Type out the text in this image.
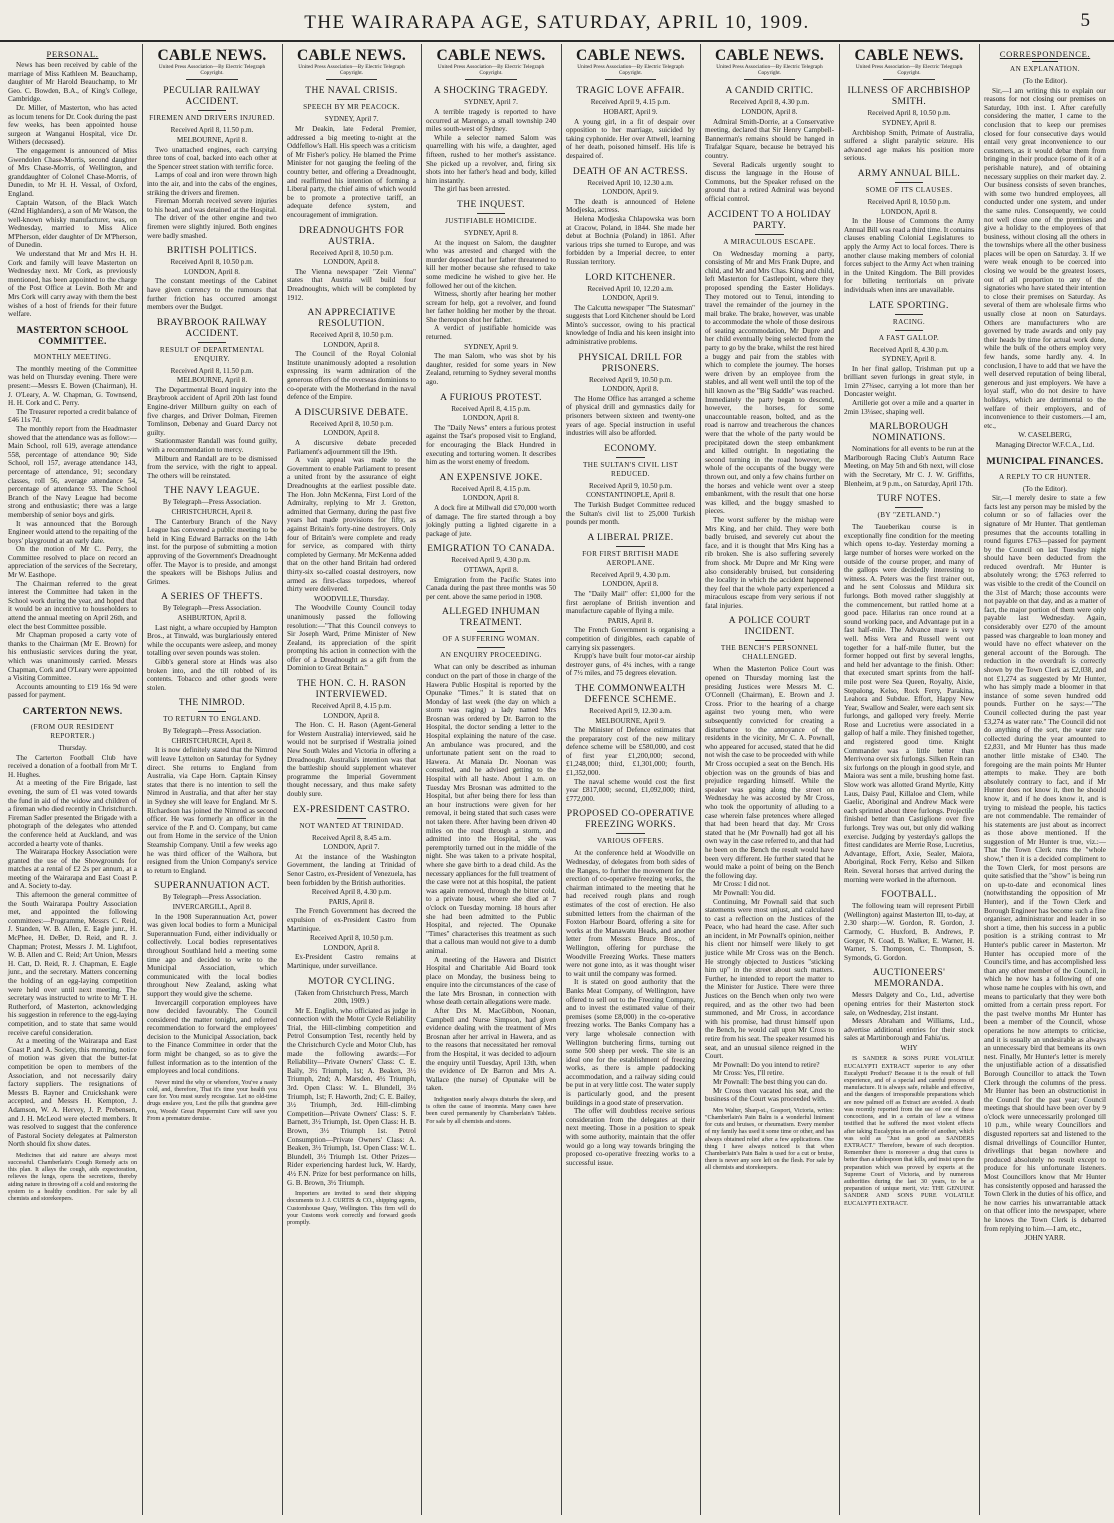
THE WAIRARAPA AGE, SATURDAY, APRIL 10, 1909.	5
PERSONAL.

News has been received by cable of the marriage of Miss Kathleen M. Beauchamp, daughter of Mr Harold Beauchamp, to Mr Geo. C. Bowden, B.A., of King's College, Cambridge.

Dr. Miller, of Masterton, who has acted as locum tenens for Dr. Cook during the past few weeks, has been appointed house surgeon at Wanganui Hospital, vice Dr. Withers (deceased).

The engagement is announced of Miss Gwendolen Chase-Morris, second daughter of Mrs Chase-Morris, of Wellington, and granddaughter of Colonel Chase-Morris, of Dunedin, to Mr H. H. Vessal, of Oxford, England.

Captain Watson, of the Black Watch (42nd Highlanders), a son of Mr Watson, the well-known whisky manufacturer, was, on Wednesday, married to Miss Alice M'Pherson, elder daughter of Dr M'Pherson, of Dunedin.

We understand that Mr and Mrs H. H. Cork and family will leave Masterton on Wednesday next. Mr Cork, as previously mentioned, has been appointed to the charge of the Post Office at Levin. Both Mr and Mrs Cork will carry away with them the best wishes of a host of friends for their future welfare.

MASTERTON SCHOOL COMMITTEE.
MONTHLY MEETING.

The monthly meeting of the Committee was held on Thursday evening. There were present:—Messrs E. Bowen (Chairman), H. J. O'Leary, A. W. Chapman, G. Townsend, H. H. Cork and C. Perry.

The Treasurer reported a credit balance of £46 11s 7d.

The monthly report from the Headmaster showed that the attendance was as follow:—Main School, roll 619, average attendance 558, percentage of attendance 90; Side School, roll 157, average attendance 143, percentage of attendance, 91; secondary classes, roll 56, average attendance 54, percentage of attendance 93. The School Branch of the Navy League had become strong and enthusiastic; there was a large membership of senior boys and girls.

It was announced that the Borough Engineer would attend to the repaiting of the boys' playground at an early date.

On the motion of Mr C. Perry, the Committee resolved to place on record an appreciation of the services of the Secretary, Mr W. Easthope.

The Chairman referred to the great interest the Committee had taken in the School work during the year, and hoped that it would be an incentive to householders to attend the annual meeting on April 26th, and elect the best Committee possible.

Mr Chapman proposed a carty vote of thanks to the Chairman (Mr E. Brown) for his enthusiastic services during the year, which was unanimously carried. Messrs Chapman, Cork and O'Leary were appointed a Visiting Committee.

Accounts amounting to £19 16s 9d were passed for payment.

CARTERTON NEWS.
(FROM OUR RESIDENT REPORTER.)
Thursday.

The Carterton Football Club have received a donation of a football from Mr T. H. Hughes.

At a meeting of the Fire Brigade, last evening, the sum of £1 was voted towards the fund in aid of the widow and children of a fireman who died recently in Christchurch. Fireman Sadler presented the Brigade with a photograph of the delegates who attended the conference held at Auckland, and was accorded a hearty vote of thanks.

The Wairarapa Hockey Association were granted the use of the Showgrounds for matches at a rental of £2 2s per annum, at a meeting of the Wairarapa and East Coast P. and A. Society to-day.

This afternoon the general committee of the South Wairarapa Poultry Association met, and appointed the following committees:—Programme, Messrs C. Reid, J. Standen, W. B. Allen, E. Eagle junr., H. McPhee, H. DeBer, D. Reid, and R. J. Chapman; Protest, Messrs J. M. Lightfoot, W. B. Allen and C. Reid; Art Union, Messrs H. Catt, D. Reid, R. J. Chapman, E. Eagle junr., and the secretary. Matters concerning the holding of an egg-laying competition were held over until next meeting. The secretary was instructed to write to Mr T. H. Rutherford, of Masterton, acknowledging his suggestion in reference to the egg-laying competition, and to state that same would receive careful consideration.

At a meeting of the Wairarapa and East Coast P. and A. Society, this morning, notice of motion was given that the butter-fat competition be open to members of the Association, and not necessarily dairy factory suppliers. The resignations of Messrs B. Rayner and Cruickshank were accepted, and Messrs H. Kempton, J. Adamson, W. A. Hervey, J. P. Prebensen, and J. H. McLeod were elected members. It was resolved to suggest that the conference of Pastoral Society delegates at Palmerston North should fix show dates.

Medicines that aid nature are always most successful. Chamberlain's Cough Remedy acts on this plan. It allays the cough, aids expectoration, relieves the lungs, opens the secretions, thereby aiding nature in throwing off a cold and restoring the system to a healthy condition. For sale by all chemists and storekeepers.

CABLE NEWS.
United Press Association—By Electric Telegraph Copyright.
PECULIAR RAILWAY ACCIDENT.
FIREMEN AND DRIVERS INJURED.
Received April 8, 11.50 p.m.
MELBOURNE, April 8.

Two unattached engines, each carrying three tons of coal, backed into each other at the Spencer street station with terrific force.

Lamps of coal and iron were thrown high into the air, and into the cabs of the engines, striking the drivers and firemen.

Fireman Morrah received severe injuries to his head, and was detained at the Hospital.

The driver of the other engine and two firemen were slightly injured. Both engines were badly smashed.

BRITISH POLITICS.
Received April 8, 10.50 p.m.
LONDON, April 8.

The constant meetings of the Cabinet have given currency to the rumours that further friction has occurred amongst members over the Budget.

BRAYBROOK RAILWAY ACCIDENT.
RESULT OF DEPARTMENTAL ENQUIRY.
Received April 8, 11.50 p.m.
MELBOURNE, April 8.

The Departmental Board inquiry into the Braybrook accident of April 20th last found Engine-driver Millburn guilty on each of five charges, and Driver Dolman, Firemen Tomlinson, Debenay and Guard Darcy not guilty.

Stationmaster Randall was found guilty, with a recommendation to mercy.

Milburn and Randall are to be dismissed from the service, with the right to appeal. The others will be reinstated.

THE NAVY LEAGUE.
By Telegraph—Press Association.
CHRISTCHURCH, April 8.

The Canterbury Branch of the Navy League has convened a public meeting to be held in King Edward Barracks on the 14th inst. for the purpose of submitting a motion approving of the Government's Dreadnought offer. The Mayor is to preside, and amongst the speakers will be Bishops Julius and Grimes.

A SERIES OF THEFTS.
By Telegraph—Press Association.
ASHBURTON, April 8.

Last night, a whare occupied by Hampton Bros., at Tinwald, was burglariously entered while the occupants were asleep, and money totalling over seven pounds was stolen.

Gibb's general store at Hinds was also broken into, and the till robbed of its contents. Tobacco and other goods were stolen.

THE NIMROD.
TO RETURN TO ENGLAND.
By Telegraph—Press Association.
CHRISTCHURCH, April 8.

It is now definitely stated that the Nimrod will leave Lyttelton on Saturday for Sydney direct. She returns to England from Australia, via Cape Horn. Captain Kinsey states that there is no intention to sell the Nimrod in Australia, and that after her stay in Sydney she will leave for England. Mr S. Richardson has joined the Nimrod as second officer. He was formerly an officer in the service of the P. and O. Company, but came out from Home in the service of the Union Steamship Company. Until a few weeks ago he was third officer of the Waihora, but resigned from the Union Company's service to return to England.

SUPERANNUATION ACT.
By Telegraph—Press Association.
INVERCARGILL, April 8.

In the 1908 Superannuation Act, power was given local bodies to form a Municipal Superannuation Fund, either individually or collectively. Local bodies representatives throughout Southland held a meeting some time ago and decided to write to the Municipal Association, which communicated with the local bodies throughout New Zealand, asking what support they would give the scheme.

Invercargill corporation employees have now decided favourably. The Council considered the matter tonight, and referred recommendation to forward the employees' decision to the Municipal Association, back to the Finance Committee in order that the form might be changed, so as to give the fullest information as to the intention of the employees and local conditions.

Never mind the why or wherefore, You've a nasty cold, and, therefore, That it's time your health you care for. You must surely recognise. Let no old-time drugs enslave you, Lest the pills that grandma gave you, Woods' Great Peppermint Cure will save you From a premature demise.

CABLE NEWS.
United Press Association—By Electric Telegraph Copyright.
THE NAVAL CRISIS.
SPEECH BY MR PEACOCK.
SYDNEY, April 7.

Mr Deakin, late Federal Premier, addressed a big meeting to-night at the Oddfellow's Hall. His speech was a criticism of Mr Fisher's policy. He blamed the Prime Minister for not gauging the feeling of the country better, and offering a Dreadnought, and reaffirmed his intention of forming a Liberal party, the chief aims of which would be to promote a protective tariff, an adequate defence system, and encouragement of immigration.

DREADNOUGHTS FOR AUSTRIA.
Received April 8, 10.50 p.m.
LONDON, April 8.

The Vienna newspaper "Zeit Vienna" states that Austria will build four Dreadnoughts, which will be completed by 1912.

AN APPRECIATIVE RESOLUTION.
Received April 8, 10.50 p.m.
LONDON, April 8.

The Council of the Royal Colonial Institute unanimously adopted a resolution expressing its warm admiration of the generous offers of the overseas dominions to co-operate with the Motherland in the naval defence of the Empire.

A DISCURSIVE DEBATE.
Received April 8, 10.50 p.m.
LONDON, April 8.

A discursive debate preceded Parliament's adjournment till the 19th.

A vain appeal was made to the Government to enable Parliament to present a united front by the assurance of eight Dreadnoughts at the earliest possible date. The Hon. John McKenna, First Lord of the Admiralty, replying to Mr J. Gretton, admitted that Germany, during the past five years had made provisions for fifty, as against Britain's forty-nine destroyers. Only four of Britain's were complete and ready for service, as compared with thirty completed by Germany. Mr McKenna added that on the other hand Britain had ordered thirty-six so-called coastal destroyers, now armed as first-class torpedoes, whereof thirty were delivered.

WOODVILLE, Thursday.

The Woodville County Council today unanimously passed the following resolution:—"That this Council conveys to Sir Joseph Ward, Prime Minister of New Zealand, its appreciation of the spirit prompting his action in connection with the offer of a Dreadnought as a gift from the Dominion to Great Britain."

THE HON. C. H. RASON INTERVIEWED.
Received April 8, 4.15 p.m.
LONDON, April 8.

The Hon. C. H. Rason (Agent-General for Western Australia) interviewed, said he would not be surprised if Westralia joined New South Wales and Victoria in offering a Dreadnought. Australia's intention was that the battleship should supplement whatever programme the Imperial Government thought necessary, and thus make safety doubly sure.

EX-PRESIDENT CASTRO.
NOT WANTED AT TRINIDAD.
Received April 8, 8.45 a.m.
LONDON, April 7.

At the instance of the Washington Government, the landing at Trinidad of Senor Castro, ex-President of Venezuela, has been forbidden by the British authorities.

Received April 8, 4.30 p.m.
PARIS, April 8.

The French Government has decreed the expulsion of ex-President Castro from Martinique.

Received April 8, 10.50 p.m.
LONDON, April 8.

Ex-President Castro remains at Martinique, under surveillance.

MOTOR CYCLING.
(Taken from Christchurch Press, March 20th, 1909.)

Mr E. English, who officiated as judge in connection with the Motor Cycle Reliability Trial, the Hill-climbing competition and Petrol Consumption Test, recently held by the Christchurch Cycle and Motor Club, has made the following awards:—For Reliability—Private Owners' Class: C. E. Baily, 3½ Triumph, 1st; A. Beaken, 3½ Triumph, 2nd; A. Marsden, 4½ Triumph, 3rd. Open Class: W. L. Blundell, 3½ Triumph, 1st; F. Haworth, 2nd; C. E. Bailey, 3½ Triumph, 3rd. Hill-climbing Competition—Private Owners' Class: S. F. Barnett, 3½ Triumph, 1st. Open Class: H. B. Brown, 3½ Triumph 1st. Petrol Consumption—Private Owners' Class: A. Beaken, 3½ Triumph, 1st. Open Class: W. L. Blundell, 3½ Triumph 1st. Other Prizes—Rider experiencing hardest luck, W. Hardy, 4½ F.N. Prize for best performance on hills, G. B. Brown, 3½ Triumph.

Importers are invited to send their shipping documents to J. J. CURTIS & CO., shipping agents, Customhouse Quay, Wellington. This firm will do your Customs work correctly and forward goods promptly.

CABLE NEWS.
United Press Association—By Electric Telegraph Copyright.
A SHOCKING TRAGEDY.
SYDNEY, April 7.

A terrible tragedy is reported to have occurred at Marengo, a small township 240 miles south-west of Sydney.

While a selector named Salom was quarrelling with his wife, a daughter, aged fifteen, rushed to her mother's assistance. She picked up a revolver, and, firing six shots into her father's head and body, killed him instantly.

The girl has been arrested.

THE INQUEST.
JUSTIFIABLE HOMICIDE.
SYDNEY, April 8.

At the inquest on Salom, the daughter who was arrested and charged with the murder deposed that her father threatened to kill her mother because she refused to take some medicine he wished to give her. He followed her out of the kitchen.

Witness, shortly after hearing her mother scream for help, got a revolver, and found her father holding her mother by the throat. She thereupon shot her father.

A verdict of justifiable homicide was returned.

SYDNEY, April 9.

The man Salom, who was shot by his daughter, resided for some years in New Zealand, returning to Sydney several months ago.

A FURIOUS PROTEST.
Received April 8, 4.15 p.m.
LONDON, April 8.

The "Daily News" enters a furious protest against the Tsar's proposed visit to England, for encouraging the Black Hundred in executing and torturing women. It describes him as the worst enemy of freedom.

AN EXPENSIVE JOKE.
Received April 8, 4.15 p.m.
LONDON, April 8.

A dock fire at Millwall did £70,000 worth of damage. The fire started through a boy jokingly putting a lighted cigarette in a package of jute.

EMIGRATION TO CANADA.
Received April 9, 4.30 p.m.
OTTAWA, April 8.

Emigration from the Pacific States into Canada during the past three months was 50 per cent. above the same period in 1908.

ALLEGED INHUMAN TREATMENT.
OF A SUFFERING WOMAN.
AN ENQUIRY PROCEEDING.

What can only be described as inhuman conduct on the part of those in charge of the Hawera Public Hospital is reported by the Opunake "Times." It is stated that on Monday of last week (the day on which a storm was raging) a lady named Mrs Brosnan was ordered by Dr. Barron to the Hospital, the doctor sending a letter to the Hospital explaining the nature of the case. An ambulance was procured, and the unfortunate patient sent on the road to Hawera. At Manaia Dr. Noonan was consulted, and he advised getting to the Hospital with all haste. About 1 a.m. on Tuesday Mrs Brosnan was admitted to the Hospital, but after being there for less than an hour instructions were given for her removal, it being stated that such cases were not taken there. After having been driven 40 miles on the road through a storm, and admitted into the Hospital, she was peremptorily turned out in the middle of the night. She was taken to a private hospital, where she gave birth to a dead child. As the necessary appliances for the full treatment of the case were not at this hospital, the patient was again removed, through the bitter cold, to a private house, where she died at 7 o'clock on Tuesday morning. 18 hours after she had been admitted to the Public Hospital, and rejected. The Opunake "Times" characterises this treatment as such that a callous man would not give to a dumb animal.

A meeting of the Hawera and District Hospital and Charitable Aid Board took place on Monday, the business being to enquire into the circumstances of the case of the late Mrs Brosnan, in connection with whose death certain allegations were made.

After Drs M. MacGibbon, Noonan, Campbell and Nurse Simpson, had given evidence dealing with the treatment of Mrs Brosnan after her arrival in Hawera, and as to the reasons that necessitated her removal from the Hospital, it was decided to adjourn the enquiry until Tuesday, April 13th, when the evidence of Dr Barron and Mrs A. Wallace (the nurse) of Opunake will be taken.

Indigestion nearly always disturbs the sleep, and is often the cause of insomnia. Many cases have been cured permanently by Chamberlain's Tablets. For sale by all chemists and stores.

CABLE NEWS.
United Press Association—By Electric Telegraph Copyright.
TRAGIC LOVE AFFAIR.
Received April 9, 4.15 p.m.
HOBART, April 9.

A young girl, in a fit of despair over opposition to her marriage, suicided by taking cyphonide. Her over Attwell, learning of her death, poisoned himself. His life is despaired of.

DEATH OF AN ACTRESS.
Received April 10, 12.30 a.m.
LONDON, April 9.

The death is announced of Helene Modjeska, actress.

Helena Modjeska Chlapowska was born at Cracow, Poland, in 1844. She made her debut at Bochnia (Poland) in 1861. After various trips she turned to Europe, and was forbidden by a Imperial decree, to enter Russian territory.

LORD KITCHENER.
Received April 10, 12.20 a.m.
LONDON, April 9.

The Calcutta newspaper "The Statesman" suggests that Lord Kitchener should be Lord Minto's successor, owing to his practical knowledge of India and his keen insight into administrative problems.

PHYSICAL DRILL FOR PRISONERS.
Received April 9, 10.50 p.m.
LONDON, April 8.

The Home Office has arranged a scheme of physical drill and gymnastics daily for prisoners between sixteen and twenty-one years of age. Special instruction in useful industries will also be afforded.

ECONOMY.
THE SULTAN'S CIVIL LIST REDUCED.
Received April 9, 10.50 p.m.
CONSTANTINOPLE, April 8.

The Turkish Budget Committee reduced the Sultan's civil list to 25,000 Turkish pounds per month.

A LIBERAL PRIZE.
FOR FIRST BRITISH MADE AEROPLANE.
Received April 9, 4.30 p.m.
LONDON, April 8.

The "Daily Mail" offer: £1,000 for the first aeroplane of British invention and manufacture capable of flying a mile.

PARIS, April 8.

The French Government is organising a competition of dirigibles, each capable of carrying six passengers.

Krupp's have built four motor-car airship destroyer guns, of 4¼ inches, with a range of 7½ miles, and 75 degrees elevation.

THE COMMONWEALTH DEFENCE SCHEME.
Received April 9, 12.30 a.m.
MELBOURNE, April 9.

The Minister of Defence estimates that the preparatory cost of the new military defence scheme will be £580,000, and cost of first year £1,200,000; second, £1,248,000; third, £1,301,000; fourth, £1,352,000.

The naval scheme would cost the first year £817,000; second, £1,092,000; third, £772,000.

PROPOSED CO-OPERATIVE FREEZING WORKS.
VARIOUS OFFERS.

At the conference held at Woodville on Wednesday, of delegates from both sides of the Ranges, to further the movement for the erection of co-operative freezing works, the chairman intimated to the meeting that he had received rough plans and rough estimates of the cost of erection. He also submitted letters from the chairman of the Foxton Harbour Board, offering a site for works at the Manawatu Heads, and another letter from Messrs Bruce Bros., of Wellington, offering for purchase the Woodville Freezing Works. These matters were not gone into, as it was thought wiser to wait until the company was formed.

It is stated on good authority that the Banks Meat Company, of Wellington, have offered to sell out to the Freezing Company, and to invest the estimated value of their premises (some £8,000) in the co-operative freezing works. The Banks Company has a very large wholesale connection with Wellington butchering firms, turning out some 500 sheep per week. The site is an ideal one for the establishment of freezing works, as there is ample paddocking accommodation, and a railway siding could be put in at very little cost. The water supply is particularly good, and the present buildings in a good state of preservation.

The offer will doubtless receive serious consideration from the delegates at their next meeting. Those in a position to speak with some authority, maintain that the offer would go a long way towards bringing the proposed co-operative freezing works to a successful issue.

CABLE NEWS.
United Press Association—By Electric Telegraph Copyright.
A CANDID CRITIC.
Received April 8, 4.30 p.m.
LONDON, April 8.

Admiral Smith-Dorrie, at a Conservative meeting, declared that Sir Henry Campbell-Bannerman's remains should be hanged in Trafalgar Square, because he betrayed his country.

Several Radicals urgently sought to discuss the language in the House of Commons, but the Speaker refused on the ground that a retired Admiral was beyond official control.

ACCIDENT TO A HOLIDAY PARTY.
A MIRACULOUS ESCAPE.

On Wednesday morning a party, consisting of Mr and Mrs Frank Dupre, and child, and Mr and Mrs Chas. King and child, left Masterton for Castlepoint, where they proposed spending the Easter Holidays. They motored out to Tenui, intending to travel the remainder of the journey in the mail brake. The brake, however, was unable to accommodate the whole of those desirous of seating accommodation, Mr Dupre and her child eventually being selected from the party to go by the brake, whilst the rest hired a buggy and pair from the stables with which to complete the journey. The horses were driven by an employee from the stables, and all went well until the top of the hill known as the "Big Saddle" was reached. Immediately the party began to descend, however, the horses, for some unaccountable reason, bolted, and as the road is narrow and treacherous the chances were that the whole of the party would be precipitated down the steep embankment and killed outright. In negotiating the second turning in the road however, the whole of the occupants of the buggy were thrown out, and only a few chains further on the horses and vehicle went over a steep embankment, with the result that one horse was killed, and the buggy smashed to pieces.

The worst sufferer by the mishap were Mrs King, and her child. They were both badly bruised, and severely cut about the face, and it is thought that Mrs King has a rib broken. She is also suffering severely from shock. Mr Dupre and Mr King were also considerably bruised, but considering the locality in which the accident happened they feel that the whole party experienced a miraculous escape from very serious if not fatal injuries.

A POLICE COURT INCIDENT.
THE BENCH'S PERSONNEL CHALLENGED.

When the Masterton Police Court was opened on Thursday morning last the presiding Justices were Messrs M. C. O'Connell (Chairman), E. Brown and J. Cross. Prior to the hearing of a charge against two young men, who were subsequently convicted for creating a disturbance to the annoyance of the residents in the vicinity, Mr C. A. Pownall, who appeared for accused, stated that he did not wish the case to be proceeded with while Mr Cross occupied a seat on the Bench. His objection was on the grounds of bias and prejudice regarding himself. While the speaker was going along the street on Wednesday he was accosted by Mr Cross, who took the opportunity of alluding to a case wherein false pretences where alleged that had been heard that day. Mr Cross stated that he (Mr Pownall) had got all his own way in the case referred to, and that had he been on the Bench the result would have been very different. He further stated that he would make a point of being on the Bench the following day.

Mr Cross: I did not.

Mr Pownall: You did.

Continuing, Mr Pownall said that such statements were most unjust, and calculated to cast a reflection on the Justices of the Peace, who had heard the case. After such an incident, in Mr Pownall's opinion, neither his client nor himself were likely to get justice while Mr Cross was on the Bench. He strongly objected to Justices "sticking him up" in the street about such matters. Further, he intended to report the matter to the Minister for Justice. There were three Justices on the Bench when only two were required, and as the other two had been summoned, and Mr Cross, in accordance with his promise, had thrust himself upon the Bench, he would call upon Mr Cross to retire from his seat. The speaker resumed his seat, and an unusual silence reigned in the Court.

Mr Pownall: Do you intend to retire?

Mr Cross: Yes, I'll retire.

Mr Pownall: The best thing you can do.

Mr Cross then vacated his seat, and the business of the Court was proceeded with.

Mrs Walter, Sharp-st., Gosport, Victoria, writes: "Chamberlain's Pain Balm is a wonderful liniment for cuts and bruises, or rheumatism. Every member of my family has used it some time or other, and has always obtained relief after a few applications. One thing I have always noticed is that when Chamberlain's Pain Balm is used for a cut or bruise, there is never any sore left on the flesh. For sale by all chemists and storekeepers.

CABLE NEWS.
United Press Association—By Electric Telegraph Copyright.
ILLNESS OF ARCHBISHOP SMITH.
Received April 8, 10.50 p.m.
SYDNEY, April 8.

Archbishop Smith, Primate of Australia, suffered a slight paralytic seizure. His advanced age makes his position more serious.

ARMY ANNUAL BILL.
SOME OF ITS CLAUSES.
Received April 8, 10.50 p.m.
LONDON, April 8.

In the House of Commons the Army Annual Bill was read a third time. It contains clauses enabling Colonial Legislatures to apply the Army Act to local forces. There is another clause making members of colonial forces subject to the Army Act when training in the United Kingdom. The Bill provides for billeting territorials on private individuals when inns are unavailable.

LATE SPORTING.
RACING.
A FAST GALLOP.
Received April 8, 4.30 p.m.
SYDNEY, April 8.

In her final gallop, Trishman put up a brilliant seven furlongs in great style, in 1min 27¾sec, carrying a lot more than her Doncaster weight.

Artillerie got over a mile and a quarter in 2min 13¼sec, shaping well.

MARLBOROUGH NOMINATIONS.

Nominations for all events to be run at the Marlborough Racing Club's Autumn Race Meeting, on May 5th and 6th next, will close with the Secretary, Mr C. J. W. Griffiths, Blenheim, at 9 p.m., on Saturday, April 17th.

TURF NOTES.
(BY "ZETLAND.")

The Taueberikau course is in exceptionally fine condition for the meeting which opens to-day. Yesterday morning a large number of horses were worked on the outside of the course proper, and many of the gallops were decidedly interesting to witness. A. Peters was the first trainer out, and he sent Colossus and Mildura six furlongs. Both moved rather sluggishly at the commencement, but rattled home at a good pace. Hilarius ran once round at a sound working pace, and Advantage put in a fast half-mile. The Advance mare is very well. Miss Vera and Russell went out together for a half-mile flutter, but the former hopped out first by several lengths, and held her advantage to the finish. Other: that executed smart sprints from the half-mile post were Sea Queen, Royalty, Aixie, Stepalong, Kelso, Rock Ferry, Parakina, Leahora and Subdue. Effort, Happy New Year, Swallow and Sealer, were each sent six furlongs, and galloped very freely. Merrie Rose and Lucretius were associated in a gallop of half a mile. They finished together, and registered good time. Knight Commander was a little better than Merrivona over six furlongs. Silken Rein ran six furlongs on the plough in good style, and Maiora was sent a mile, brushing home fast. Slow work was allotted Grand Myrtle, Kitty Laus, Daisy Paul, Killaloe and Clem, while Gaelic, Aboriginal and Andrew Mack were each sprinted about three furlongs. Projectile finished better than Castiglione over five furlongs. Trey was out, but only did walking exercise. Judging by yesterday's gallops the fittest candidates are Merrie Rose, Lucretius, Advantage, Effort, Axie, Sealer, Maiora, Aboriginal, Rock Ferry, Kelso and Silken Rein. Several horses that arrived during the morning were worked in the afternoon.

FOOTBALL.

The following team will represent Pirbill (Wellington) against Masterton III, to-day, at 2.30 sharp:—W. Gordon, R. Gordon, J. Carmody, C. Huxford, B. Andrews, P. Gorger, N. Coad, B. Walker, E. Warner, H. Warner, S. Thompson, C. Thompson, S. Symonds, G. Gordon.

AUCTIONEERS' MEMORANDA.

Messrs Dalgety and Co., Ltd., advertise opening entries for their Masterton stock sale, on Wednesday, 21st instant.

Messrs Abraham and Williams, Ltd., advertise additional entries for their stock sales at Martinborough and Fahia'us.

WHY

IS SANDER & SONS PURE VOLATILE EUCALYPTI EXTRACT superior to any other Eucalypti Product? Because it is the result of full experience, and of a special and careful process of manufacture. It is always safe, reliable and effective, and the dangers of irresponsible preparations which are now palmed off as Extract are avoided. A death was recently reported from the use of one of these concoctions, and in a certain of law a witness testified that he suffered the most violent effects after taking Eucalyptus in an order of another, which was sold as "Just as good as SANDERS EXTRACT." Therefore, beware of such deception. Remember there is moreover a drug that cures is better than a tablespoon that kills, and insist upon the preparation which was proved by experts at the Supreme Court of Victoria, and by numerous authorities during the last 30 years, to be a preparation of unique merit, viz: THE GENUINE SANDER AND SONS PURE VOLATILE EUCALYPTI EXTRACT.

CORRESPONDENCE.
AN EXPLANATION.
(To the Editor).

Sir,—I am writing this to explain our reasons for not closing our premises on Saturday, 10th inst. I. After carefully considering the matter, I came to the conclusion that to keep our premises closed for four consecutive days would entail very great inconvenience to our customers, as it would debar them from bringing in their produce (some of it of a perishable nature), and of obtaining necessary supplies on their market day. 2. Our business consists of seven branches, with some two hundred employees, all conducted under one system, and under the same rules. Consequently, we could not well close one of the premises and give a holiday to the employees of that business, without closing all the others in the townships where all the other business places will be open on Saturday. 3. If we were weak enough to be coerced into closing we would be the greatest losers, out of all proportion to any of the signatories who have stated their intention to close their premises on Saturday. As several of them are wholesale firms who usually close at noon on Saturdays. Others are manufacturers who are governed by trade awards and only pay their heads by time for actual work done, while the bulk of the others employ very few hands, some hardly any. 4. In conclusion, I have to add that we have the well deserved reputation of being liberal, generous and just employers. We have a loyal staff, who do not desire to have holidays, which are detrimental to the welfare of their employers, and of inconvenience to their customers.—I am, etc.,

W. CASELBERG,
Managing Director W.F.C.A., Ltd.
MUNICIPAL FINANCES.
A REPLY TO CR HUNTER.
(To the Editor).

Sir,—I merely desire to state a few facts lest any person may be misled by the column or so of fallacies over the signature of Mr Hunter. That gentleman presumes that the accounts totalling in round figures £763—passed for payment by the Council on last Tuesday night should have been deducted from the reduced overdraft. Mr Hunter is absolutely wrong; the £763 referred to was visible to the credit of the Council on the 31st of March; those accounts were not payable on that day, and as a matter of fact, the major portion of them were only payable last Wednesday. Again, considerably over £270 of the amount passed was chargeable to loan money and would have no effect whatever on the general account of the Borough. The reduction in the overdraft is correctly shown by the Town Clerk as £2,038, and not £1,274 as suggested by Mr Hunter, who has simply made a bloomer in that instance of some seven hundred odd pounds. Further on he says:—"The Council collected during the past year £3,274 as water rate." The Council did not do anything of the sort, the water rate collected during the year amounted to £2,831, and Mr Hunter has thus made another little mistake of £340. The foregoing are the main points Mr Hunter attempts to make. They are both absolutely contrary to fact, and if Mr Hunter does not know it, then he should know it, and if he does know it, and is trying to mislead the people, his tactics are not commendable. The remainder of his statements are just about as incorrect as those above mentioned. If the suggestion of Mr Hunter is true, viz.:—That the Town Clerk runs the "whole show," then it is a decided compliment to the Town Clerk, for most persons are quite satisfied that the "show" is being run on up-to-date and economical lines (notwithstanding the opposition of Mr Hunter), and if the Town Clerk and Borough Engineer has become such a fine organiser, administrator and leader in so short a time, then his success in a public position is a striking contrast to Mr Hunter's public career in Masterton. Mr Hunter has occupied more of the Council's time, and has accomplished less than any other member of the Council, in which he now has a following of one whose name he couples with his own, and means to particularly that they were both omitted from a certain press report. For the past twelve months Mr Hunter has been a member of the Council, whose operations he now attempts to criticise, and it is usually an undesirable as always an unnecessary bird that bemeans its own nest. Finally, Mr Hunter's letter is merely the unjustifiable action of a dissatisfied Borough Councillor to attack the Town Clerk through the columns of the press. Mr Hunter has been an obstructionist in the Council for the past year; Council meetings that should have been over by 9 o'clock were unnecessarily prolonged till 10 p.m., while weary Councillors and disgusted reporters sat and listened to the dismal drivellings of Councillor Hunter, drivellings that began nowhere and produced absolutely no result except to produce for his unfortunate listeners. Most Councillors know that Mr Hunter has consistently opposed and harassed the Town Clerk in the duties of his office, and he now carries his unwarrantable attack on that officer into the newspaper, where he knows the Town Clerk is debarred from replying to him.—I am, etc.,

JOHN YARR.
